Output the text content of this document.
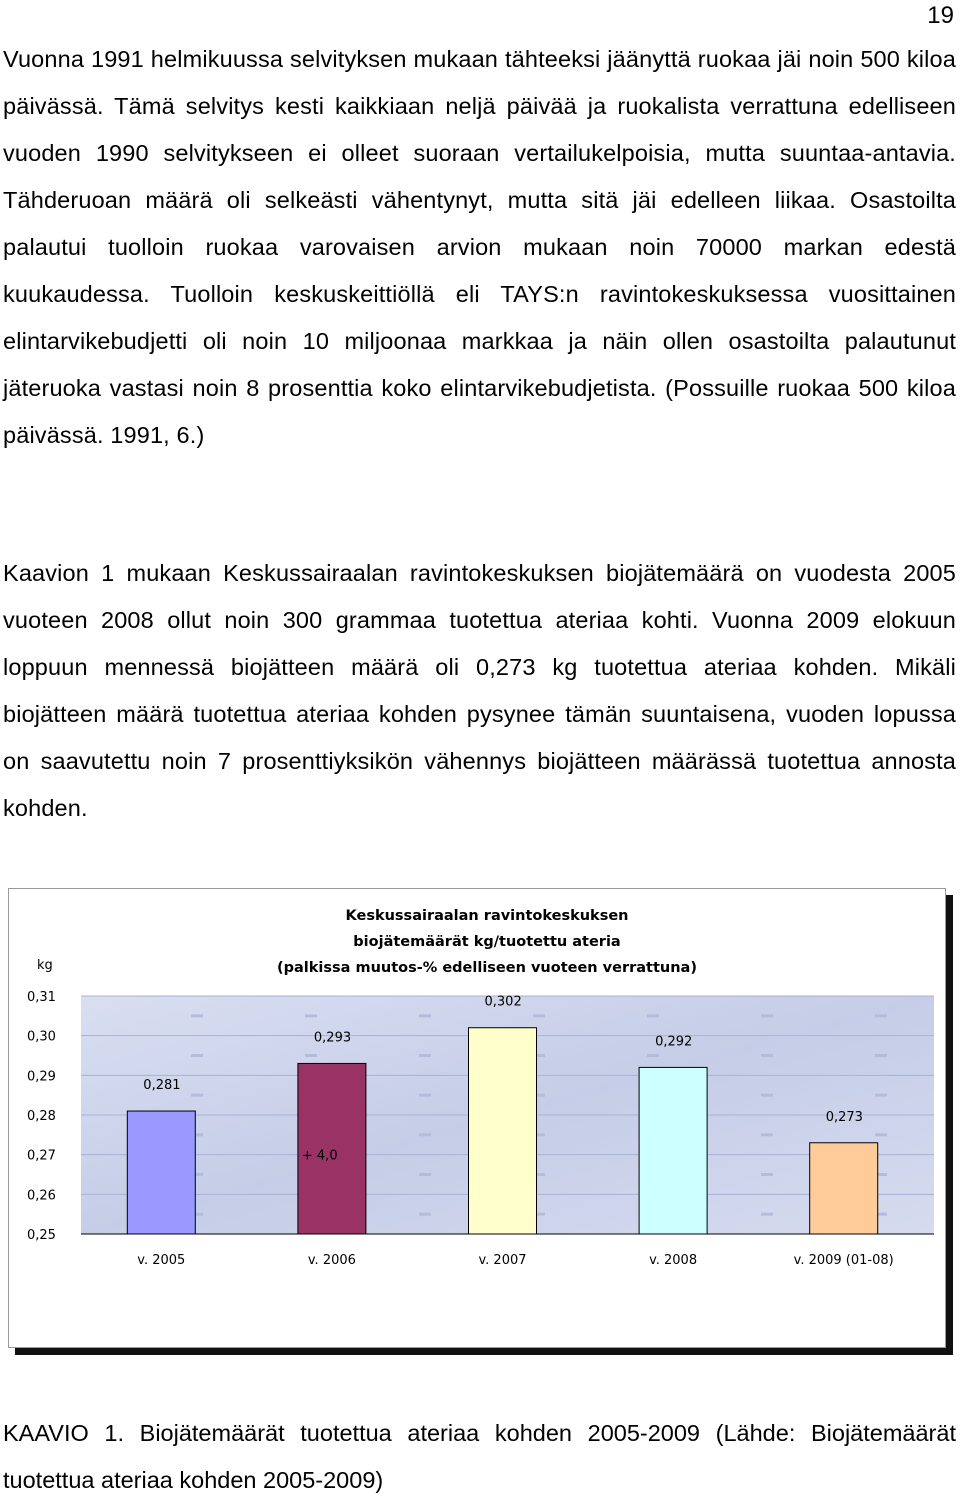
19

Vuonna 1991 helmikuussa selvityksen mukaan tähteeksi jäänyttä ruokaa jäi noin 500 kiloa päivässä. Tämä selvitys kesti kaikkiaan neljä päivää ja ruokalista verrattuna edelliseen vuoden 1990 selvitykseen ei olleet suoraan vertailukelpoisia, mutta suuntaa-antavia. Tähderuoan määrä oli selkeästi vähentynyt, mutta sitä jäi edelleen liikaa. Osastoilta palautui tuolloin ruokaa varovaisen arvion mukaan noin 70000 markan edestä kuukaudessa. Tuolloin keskuskeittiöllä eli TAYS:n ravintokeskuksessa vuosittainen elintarvikebudjetti oli noin 10 miljoonaa markkaa ja näin ollen osastoilta palautunut jäteruoka vastasi noin 8 prosenttia koko elintarvikebudjetista. (Possuille ruokaa 500 kiloa päivässä. 1991, 6.)

Kaavion 1 mukaan Keskussairaalan ravintokeskuksen biojätemäärä on vuodesta 2005 vuoteen 2008 ollut noin 300 grammaa tuotettua ateriaa kohti. Vuonna 2009 elokuun loppuun mennessä biojätteen määrä oli 0,273 kg tuotettua ateriaa kohden. Mikäli biojätteen määrä tuotettua ateriaa kohden pysynee tämän suuntaisena, vuoden lopussa on saavutettu noin 7 prosenttiyksikön vähennys biojätteen määrässä tuotettua annosta kohden.

0,281
0,293
+ 4,0
0,302
0,292
0,273
Keskussairaalan ravintokeskuksen
biojätemäärät kg/tuotettu ateria
(palkissa muutos-% edelliseen vuoteen verrattuna)
0,25
0,26
0,27
0,28
0,29
0,30
0,31
kg
v. 2005	v. 2006	v. 2007	v. 2008	v. 2009 (01-08)

KAAVIO 1. Biojätemäärät tuotettua ateriaa kohden 2005-2009 (Lähde: Biojätemäärät tuotettua ateriaa kohden 2005-2009)
